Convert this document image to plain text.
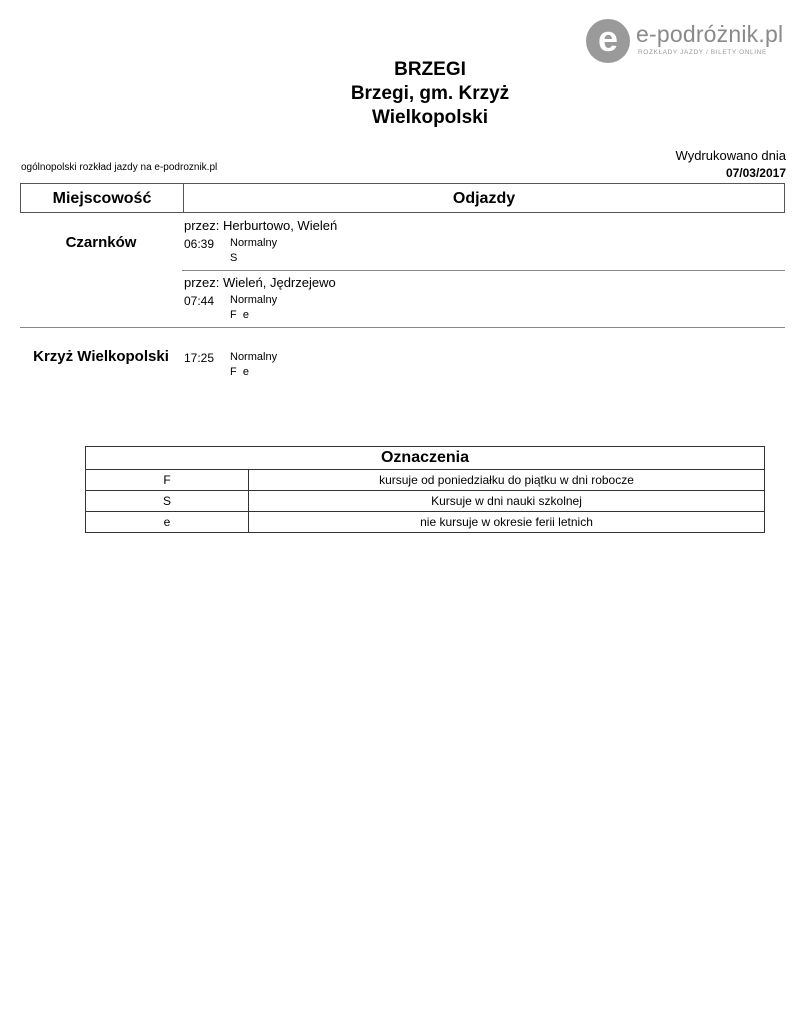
e e-podróżnik.pl
ROZKŁADY JAZDY / BILETY ONLINE
BRZEGI
Brzegi, gm. Krzyż
Wielkopolski
ogólnopolski rozkład jazdy na e-podroznik.pl
Wydrukowano dnia
07/03/2017
Miejscowość	Odjazdy
Czarnków
przez: Herburtowo, Wieleń
06:39 Normalny
S
przez: Wieleń, Jędrzejewo
07:44 Normalny
F  e
Krzyż Wielkopolski	17:25 Normalny
F  e
Oznaczenia
F	kursuje od poniedziałku do piątku w dni robocze
S	Kursuje w dni nauki szkolnej
e	nie kursuje w okresie ferii letnich
